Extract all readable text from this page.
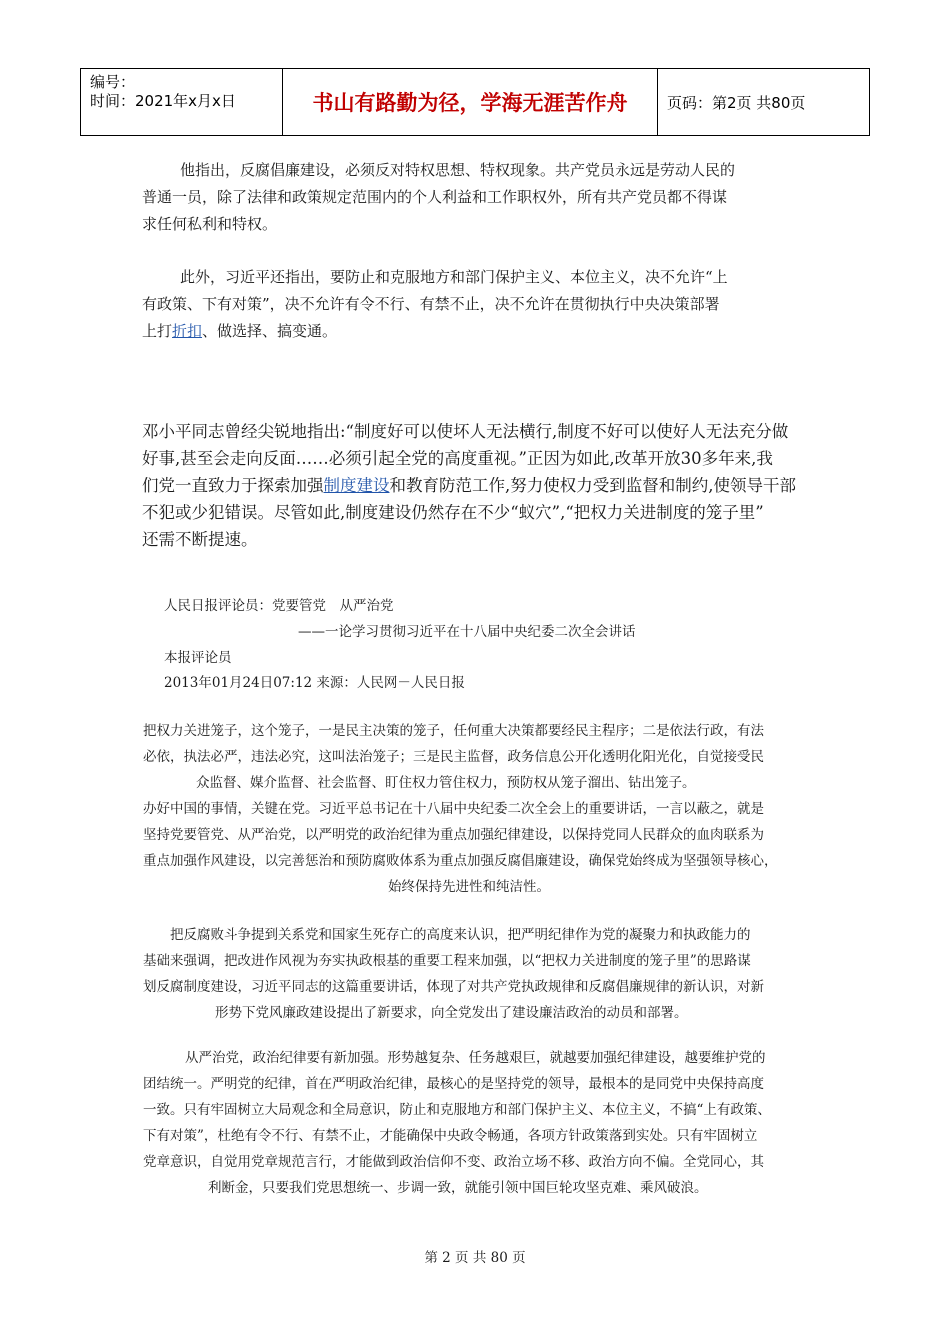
编号：
时间：2021年x月x日	书山有路勤为径，学海无涯苦作舟	页码：第2页 共80页
他指出，反腐倡廉建设，必须反对特权思想、特权现象。共产党员永远是劳动人民的
普通一员，除了法律和政策规定范围内的个人利益和工作职权外，所有共产党员都不得谋
求任何私利和特权。
此外，习近平还指出，要防止和克服地方和部门保护主义、本位主义，决不允许“上
有政策、下有对策”，决不允许有令不行、有禁不止，决不允许在贯彻执行中央决策部署
上打折扣、做选择、搞变通。
邓小平同志曾经尖锐地指出:“制度好可以使坏人无法横行,制度不好可以使好人无法充分做
好事,甚至会走向反面……必须引起全党的高度重视。”正因为如此,改革开放30多年来,我
们党一直致力于探索加强制度建设和教育防范工作,努力使权力受到监督和制约,使领导干部
不犯或少犯错误。尽管如此,制度建设仍然存在不少“蚁穴”,“把权力关进制度的笼子里”
还需不断提速。
人民日报评论员：党要管党　从严治党
——一论学习贯彻习近平在十八届中央纪委二次全会讲话
本报评论员
2013年01月24日07:12 来源：人民网－人民日报
把权力关进笼子，这个笼子，一是民主决策的笼子，任何重大决策都要经民主程序；二是依法行政，有法
必依，执法必严，违法必究，这叫法治笼子；三是民主监督，政务信息公开化透明化阳光化，自觉接受民
众监督、媒介监督、社会监督、盯住权力管住权力，预防权从笼子溜出、钻出笼子。
办好中国的事情，关键在党。习近平总书记在十八届中央纪委二次全会上的重要讲话，一言以蔽之，就是
坚持党要管党、从严治党，以严明党的政治纪律为重点加强纪律建设，以保持党同人民群众的血肉联系为
重点加强作风建设，以完善惩治和预防腐败体系为重点加强反腐倡廉建设，确保党始终成为坚强领导核心，
始终保持先进性和纯洁性。
把反腐败斗争提到关系党和国家生死存亡的高度来认识，把严明纪律作为党的凝聚力和执政能力的
基础来强调，把改进作风视为夯实执政根基的重要工程来加强，以“把权力关进制度的笼子里”的思路谋
划反腐制度建设，习近平同志的这篇重要讲话，体现了对共产党执政规律和反腐倡廉规律的新认识，对新
形势下党风廉政建设提出了新要求，向全党发出了建设廉洁政治的动员和部署。
从严治党，政治纪律要有新加强。形势越复杂、任务越艰巨，就越要加强纪律建设，越要维护党的
团结统一。严明党的纪律，首在严明政治纪律，最核心的是坚持党的领导，最根本的是同党中央保持高度
一致。只有牢固树立大局观念和全局意识，防止和克服地方和部门保护主义、本位主义，不搞“上有政策、
下有对策”，杜绝有令不行、有禁不止，才能确保中央政令畅通，各项方针政策落到实处。只有牢固树立
党章意识，自觉用党章规范言行，才能做到政治信仰不变、政治立场不移、政治方向不偏。全党同心，其
利断金，只要我们党思想统一、步调一致，就能引领中国巨轮攻坚克难、乘风破浪。
第 2 页 共 80 页
